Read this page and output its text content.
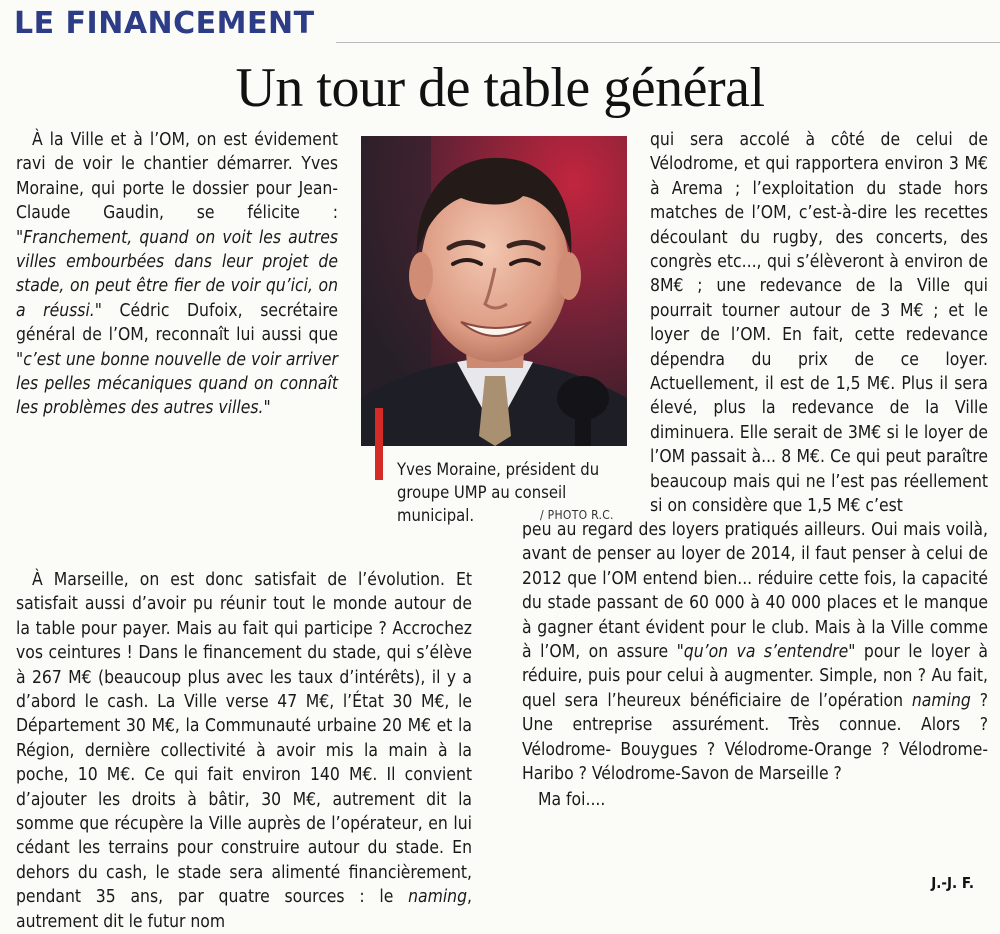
LE FINANCEMENT
Un tour de table général

À la Ville et à l’OM, on est évidement ravi de voir le chantier démarrer. Yves Moraine, qui porte le dossier pour Jean-Claude Gaudin, se félicite : "Franchement, quand on voit les autres villes embourbées dans leur projet de stade, on peut être fier de voir qu’ici, on a réussi." Cédric Dufoix, secrétaire général de l’OM, reconnaît lui aussi que "c’est une bonne nouvelle de voir arriver les pelles mécaniques quand on connaît les problèmes des autres villes."

À Marseille, on est donc satisfait de l’évolution. Et satisfait aussi d’avoir pu réunir tout le monde autour de la table pour payer. Mais au fait qui participe ? Accrochez vos ceintures ! Dans le financement du stade, qui s’élève à 267 M€ (beaucoup plus avec les taux d’intérêts), il y a d’abord le cash. La Ville verse 47 M€, l’État 30 M€, le Département 30 M€, la Communauté urbaine 20 M€ et la Région, dernière collectivité à avoir mis la main à la poche, 10 M€. Ce qui fait environ 140 M€. Il convient d’ajouter les droits à bâtir, 30 M€, autrement dit la somme que récupère la Ville auprès de l’opérateur, en lui cédant les terrains pour construire autour du stade. En dehors du cash, le stade sera alimenté financièrement, pendant 35 ans, par quatre sources : le naming, autrement dit le futur nom

Yves Moraine, président du groupe UMP au conseil municipal.	/ PHOTO R.C.

qui sera accolé à côté de celui de Vélodrome, et qui rapportera environ 3 M€ à Arema ; l’exploitation du stade hors matches de l’OM, c’est-à-dire les recettes découlant du rugby, des concerts, des congrès etc..., qui s’élèveront à environ de 8M€ ; une redevance de la Ville qui pourrait tourner autour de 3 M€ ; et le loyer de l’OM. En fait, cette redevance dépendra du prix de ce loyer. Actuellement, il est de 1,5 M€. Plus il sera élevé, plus la redevance de la Ville diminuera. Elle serait de 3M€ si le loyer de l’OM passait à... 8 M€. Ce qui peut paraître beaucoup mais qui ne l’est pas réellement si on considère que 1,5 M€ c’est

peu au regard des loyers pratiqués ailleurs. Oui mais voilà, avant de penser au loyer de 2014, il faut penser à celui de 2012 que l’OM entend bien... réduire cette fois, la capacité du stade passant de 60 000 à 40 000 places et le manque à gagner étant évident pour le club. Mais à la Ville comme à l’OM, on assure "qu’on va s’entendre" pour le loyer à réduire, puis pour celui à augmenter. Simple, non ? Au fait, quel sera l’heureux bénéficiaire de l’opération naming ? Une entreprise assurément. Très connue. Alors ? Vélodrome- Bouygues ? Vélodrome-Orange ? Vélodrome-Haribo ? Vélodrome-Savon de Marseille ?

Ma foi....

J.-J. F.
